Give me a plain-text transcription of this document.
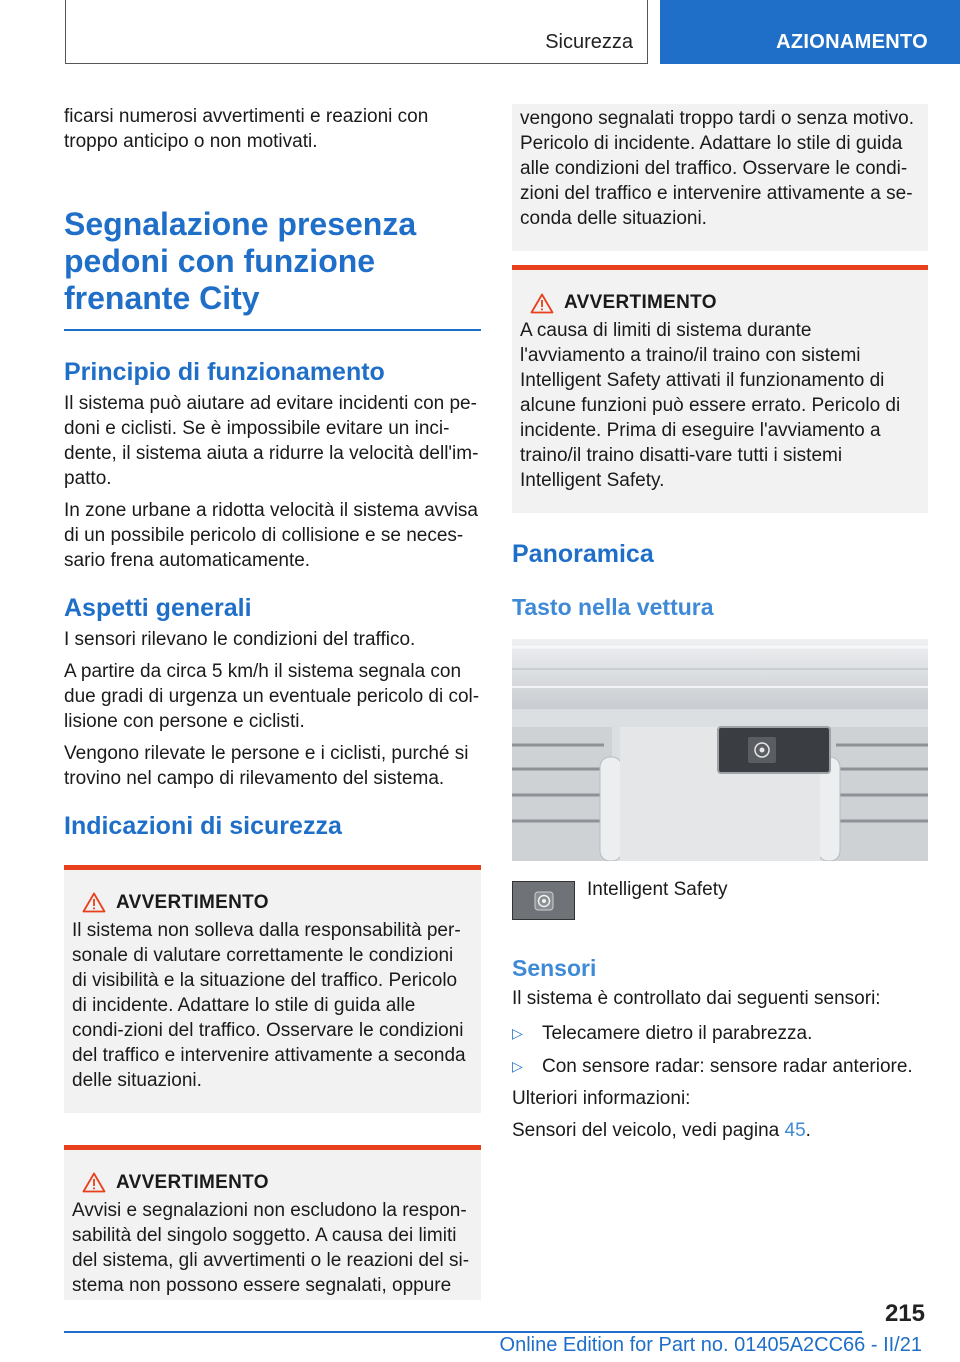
Sicurezza	AZIONAMENTO

ficarsi numerosi avvertimenti e reazioni con troppo anticipo o non motivati.

Segnalazione presenza pedoni con funzione frenante City
Principio di funzionamento

Il sistema può aiutare ad evitare incidenti con pe-doni e ciclisti. Se è impossibile evitare un inci-dente, il sistema aiuta a ridurre la velocità dell'im-patto.

In zone urbane a ridotta velocità il sistema avvisa di un possibile pericolo di collisione e se neces-sario frena automaticamente.

Aspetti generali

I sensori rilevano le condizioni del traffico.

A partire da circa 5 km/h il sistema segnala con due gradi di urgenza un eventuale pericolo di col-lisione con persone e ciclisti.

Vengono rilevate le persone e i ciclisti, purché si trovino nel campo di rilevamento del sistema.

Indicazioni di sicurezza
AVVERTIMENTO

Il sistema non solleva dalla responsabilità per-sonale di valutare correttamente le condizioni di visibilità e la situazione del traffico. Pericolo di incidente. Adattare lo stile di guida alle condi-zioni del traffico. Osservare le condizioni del traffico e intervenire attivamente a seconda delle situazioni.

AVVERTIMENTO

Avvisi e segnalazioni non escludono la respon-sabilità del singolo soggetto. A causa dei limiti del sistema, gli avvertimenti o le reazioni del si-stema non possono essere segnalati, oppure

vengono segnalati troppo tardi o senza motivo. Pericolo di incidente. Adattare lo stile di guida alle condizioni del traffico. Osservare le condi-zioni del traffico e intervenire attivamente a se-conda delle situazioni.

AVVERTIMENTO

A causa di limiti di sistema durante l'avviamento a traino/il traino con sistemi Intelligent Safety attivati il funzionamento di alcune funzioni può essere errato. Pericolo di incidente. Prima di eseguire l'avviamento a traino/il traino disatti-vare tutti i sistemi Intelligent Safety.

Panoramica
Tasto nella vettura
Intelligent Safety
Sensori

Il sistema è controllato dai seguenti sensori:

▷	Telecamere dietro il parabrezza.
▷	Con sensore radar: sensore radar anteriore.

Ulteriori informazioni:

Sensori del veicolo, vedi pagina 45.

215
Online Edition for Part no. 01405A2CC66 - II/21
